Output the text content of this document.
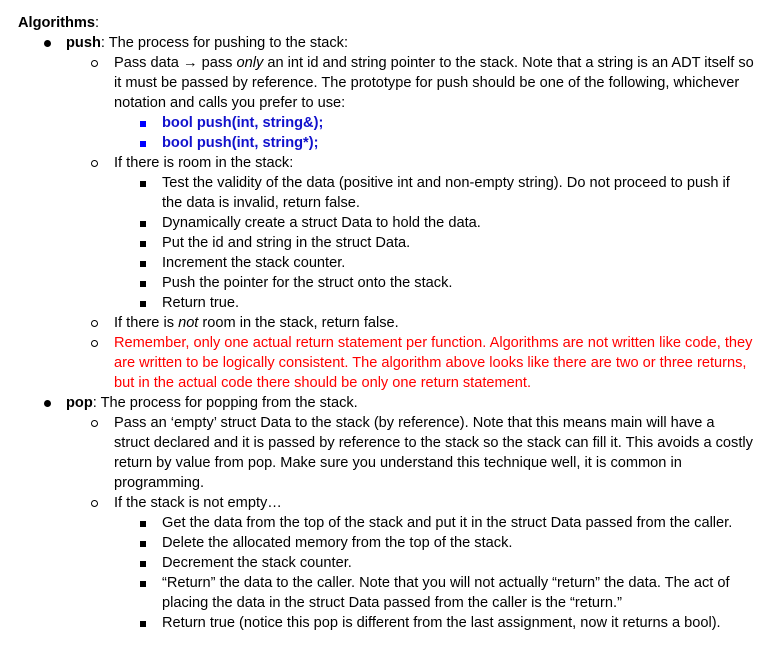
Algorithms:
push: The process for pushing to the stack:
Pass data → pass only an int id and string pointer to the stack. Note that a string is an ADT itself so it must be passed by reference. The prototype for push should be one of the following, whichever notation and calls you prefer to use:
bool push(int, string&);
bool push(int, string*);
If there is room in the stack:
Test the validity of the data (positive int and non-empty string). Do not proceed to push if the data is invalid, return false.
Dynamically create a struct Data to hold the data.
Put the id and string in the struct Data.
Increment the stack counter.
Push the pointer for the struct onto the stack.
Return true.
If there is not room in the stack, return false.
Remember, only one actual return statement per function. Algorithms are not written like code, they are written to be logically consistent. The algorithm above looks like there are two or three returns, but in the actual code there should be only one return statement.
pop: The process for popping from the stack.
Pass an ‘empty’ struct Data to the stack (by reference). Note that this means main will have a struct declared and it is passed by reference to the stack so the stack can fill it. This avoids a costly return by value from pop. Make sure you understand this technique well, it is common in programming.
If the stack is not empty…
Get the data from the top of the stack and put it in the struct Data passed from the caller.
Delete the allocated memory from the top of the stack.
Decrement the stack counter.
“Return” the data to the caller. Note that you will not actually “return” the data. The act of placing the data in the struct Data passed from the caller is the “return.”
Return true (notice this pop is different from the last assignment, now it returns a bool).
